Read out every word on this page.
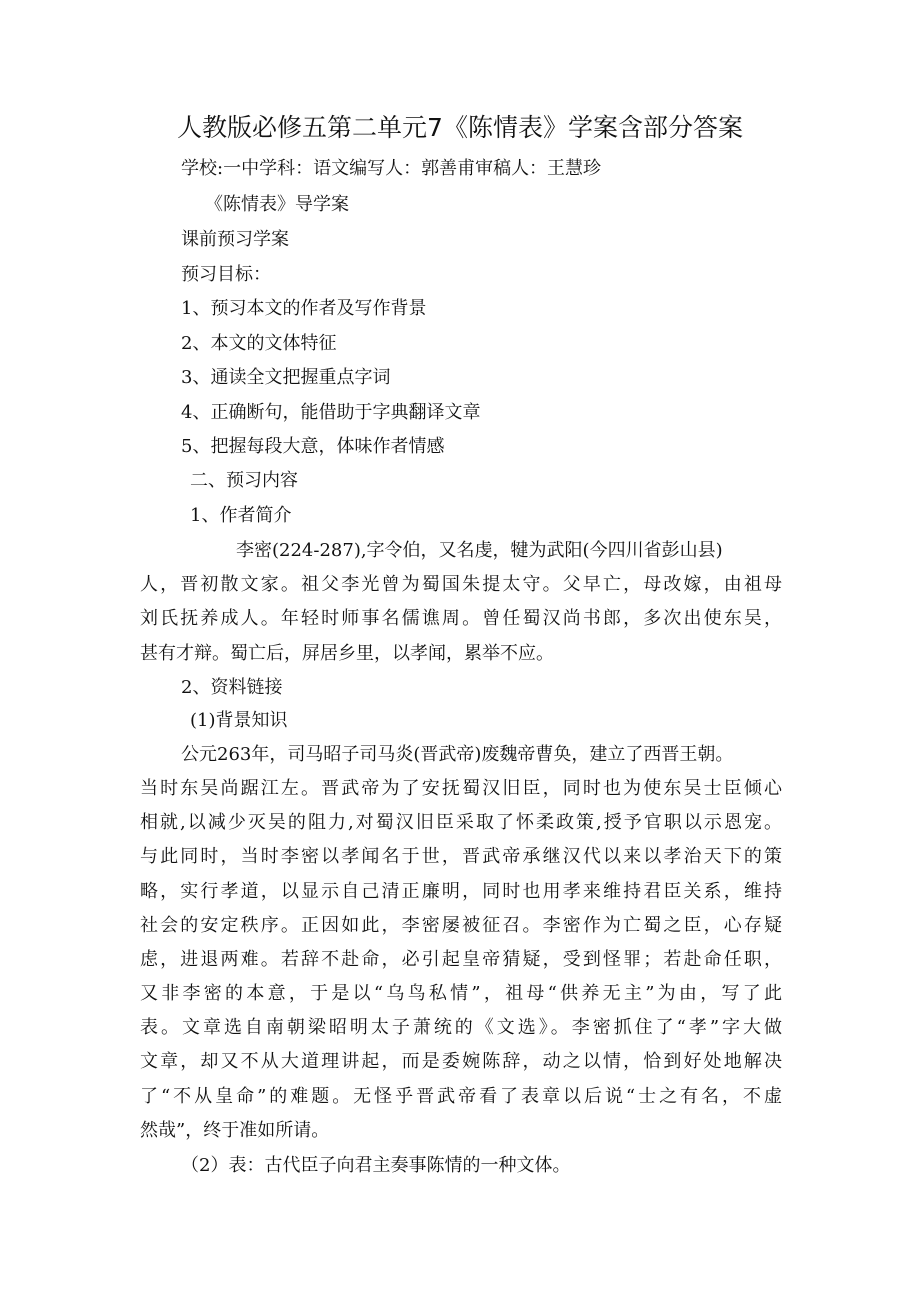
人教版必修五第二单元7《陈情表》学案含部分答案
学校:一中学科：语文编写人：郭善甫审稿人：王慧珍
《陈情表》导学案
课前预习学案
预习目标：
1、预习本文的作者及写作背景
2、本文的文体特征
3、通读全文把握重点字词
4、正确断句，能借助于字典翻译文章
5、把握每段大意，体味作者情感
二、预习内容
1、作者简介
李密(224-287),字令伯，又名虔，犍为武阳(今四川省彭山县)
人，晋初散文家。祖父李光曾为蜀国朱提太守。父早亡，母改嫁，由祖母
刘氏抚养成人。年轻时师事名儒谯周。曾任蜀汉尚书郎，多次出使东吴，
甚有才辩。蜀亡后，屏居乡里，以孝闻，累举不应。
2、资料链接
(1)背景知识
公元263年，司马昭子司马炎(晋武帝)废魏帝曹奂，建立了西晋王朝。
当时东吴尚踞江左。晋武帝为了安抚蜀汉旧臣，同时也为使东吴士臣倾心
相就,以减少灭吴的阻力,对蜀汉旧臣采取了怀柔政策,授予官职以示恩宠。
与此同时，当时李密以孝闻名于世，晋武帝承继汉代以来以孝治天下的策
略，实行孝道，以显示自己清正廉明，同时也用孝来维持君臣关系，维持
社会的安定秩序。正因如此，李密屡被征召。李密作为亡蜀之臣，心存疑
虑，进退两难。若辞不赴命，必引起皇帝猜疑，受到怪罪；若赴命任职，
又非李密的本意，于是以“乌鸟私情”，祖母“供养无主”为由，写了此
表。文章选自南朝梁昭明太子萧统的《文选》。李密抓住了“孝”字大做
文章，却又不从大道理讲起，而是委婉陈辞，动之以情，恰到好处地解决
了“不从皇命”的难题。无怪乎晋武帝看了表章以后说“士之有名，不虚
然哉”，终于准如所请。
（2）表：古代臣子向君主奏事陈情的一种文体。
